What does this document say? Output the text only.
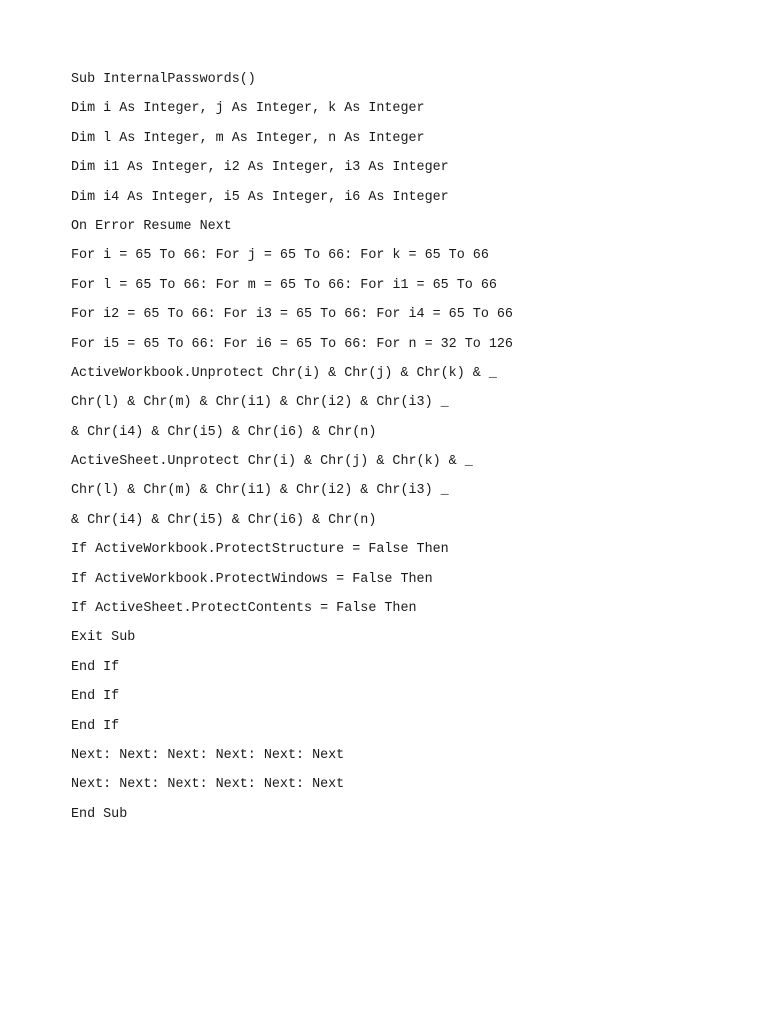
Sub InternalPasswords()
Dim i As Integer, j As Integer, k As Integer
Dim l As Integer, m As Integer, n As Integer
Dim i1 As Integer, i2 As Integer, i3 As Integer
Dim i4 As Integer, i5 As Integer, i6 As Integer
On Error Resume Next
For i = 65 To 66: For j = 65 To 66: For k = 65 To 66
For l = 65 To 66: For m = 65 To 66: For i1 = 65 To 66
For i2 = 65 To 66: For i3 = 65 To 66: For i4 = 65 To 66
For i5 = 65 To 66: For i6 = 65 To 66: For n = 32 To 126
ActiveWorkbook.Unprotect Chr(i) & Chr(j) & Chr(k) & _
Chr(l) & Chr(m) & Chr(i1) & Chr(i2) & Chr(i3) _
& Chr(i4) & Chr(i5) & Chr(i6) & Chr(n)
ActiveSheet.Unprotect Chr(i) & Chr(j) & Chr(k) & _
Chr(l) & Chr(m) & Chr(i1) & Chr(i2) & Chr(i3) _
& Chr(i4) & Chr(i5) & Chr(i6) & Chr(n)
If ActiveWorkbook.ProtectStructure = False Then
If ActiveWorkbook.ProtectWindows = False Then
If ActiveSheet.ProtectContents = False Then
Exit Sub
End If
End If
End If
Next: Next: Next: Next: Next: Next
Next: Next: Next: Next: Next: Next
End Sub
